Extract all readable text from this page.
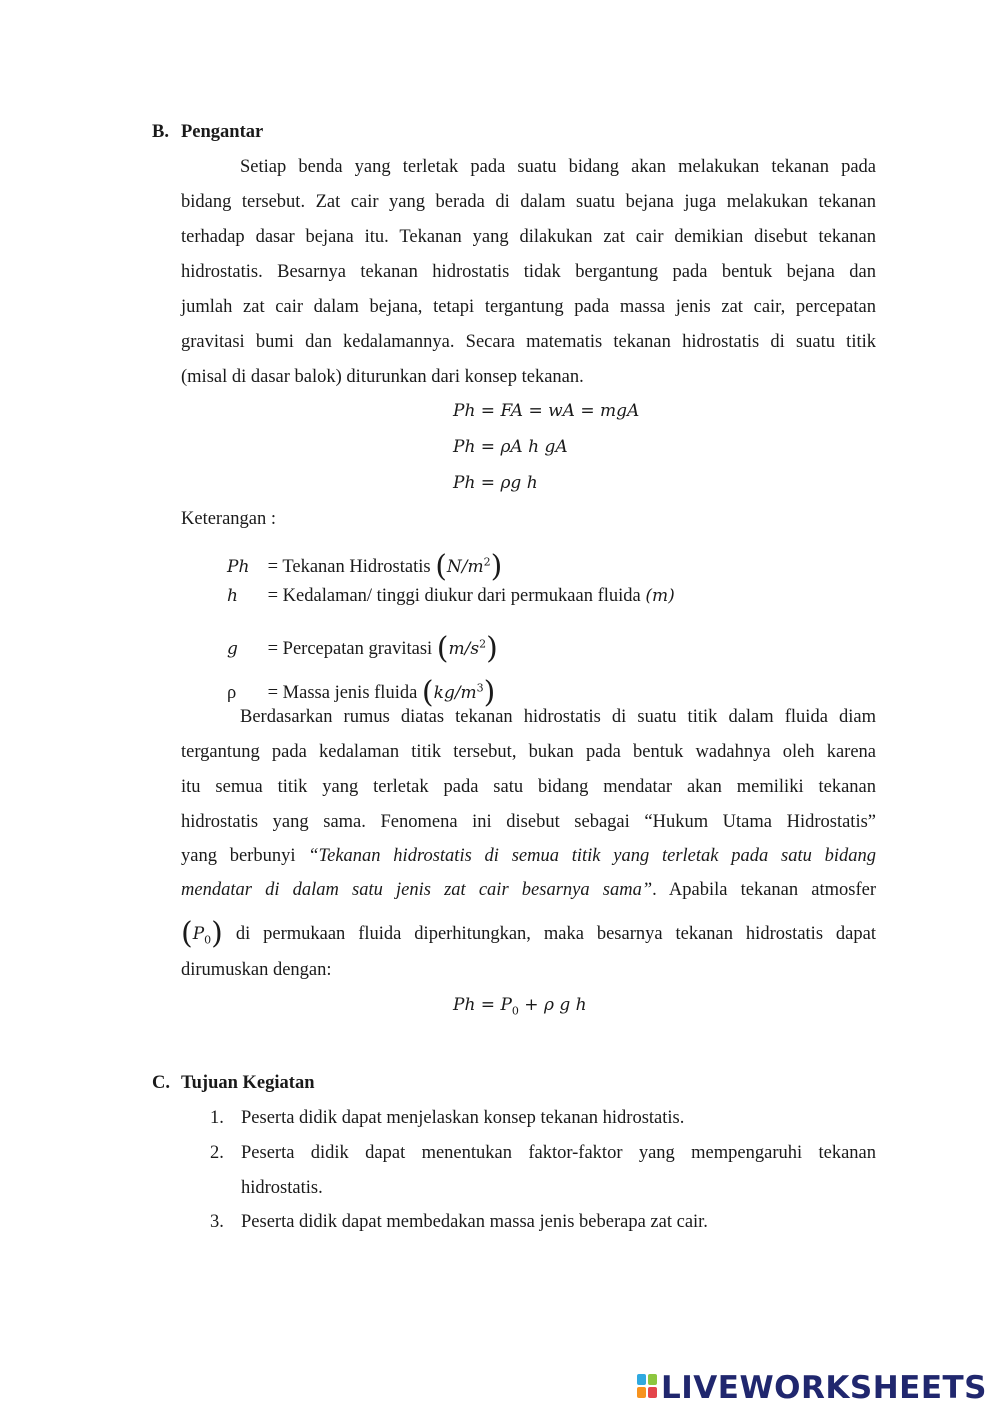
B. Pengantar
Setiap benda yang terletak pada suatu bidang akan melakukan tekanan pada
bidang tersebut. Zat cair yang berada di dalam suatu bejana juga melakukan tekanan
terhadap dasar bejana itu. Tekanan yang dilakukan zat cair demikian disebut tekanan
hidrostatis. Besarnya tekanan hidrostatis tidak bergantung pada bentuk bejana dan
jumlah zat cair dalam bejana, tetapi tergantung pada massa jenis zat cair, percepatan
gravitasi bumi dan kedalamannya. Secara matematis tekanan hidrostatis di suatu titik
(misal di dasar balok) diturunkan dari konsep tekanan.
Ph = FA = wA = mgA
Ph = ρA h gA
Ph = ρg h
Keterangan :
Ph = Tekanan Hidrostatis $(N/m^2)$
h = Kedalaman/ tinggi diukur dari permukaan fluida (m)
g = Percepatan gravitasi $(m/s^2)$
ρ = Massa jenis fluida $(kg/m^3)$
Berdasarkan rumus diatas tekanan hidrostatis di suatu titik dalam fluida diam
tergantung pada kedalaman titik tersebut, bukan pada bentuk wadahnya oleh karena
itu semua titik yang terletak pada satu bidang mendatar akan memiliki tekanan
hidrostatis yang sama. Fenomena ini disebut sebagai “Hukum Utama Hidrostatis”
yang berbunyi “Tekanan hidrostatis di semua titik yang terletak pada satu bidang
mendatar di dalam satu jenis zat cair besarnya sama”. Apabila tekanan atmosfer
$(P_0)$ di permukaan fluida diperhitungkan, maka besarnya tekanan hidrostatis dapat
dirumuskan dengan:
$Ph = P_0 + \rho$ g h
C. Tujuan Kegiatan
1. Peserta didik dapat menjelaskan konsep tekanan hidrostatis.
2. Peserta didik dapat menentukan faktor-faktor yang mempengaruhi tekanan
hidrostatis.
3. Peserta didik dapat membedakan massa jenis beberapa zat cair.
LIVEWORKSHEETS
